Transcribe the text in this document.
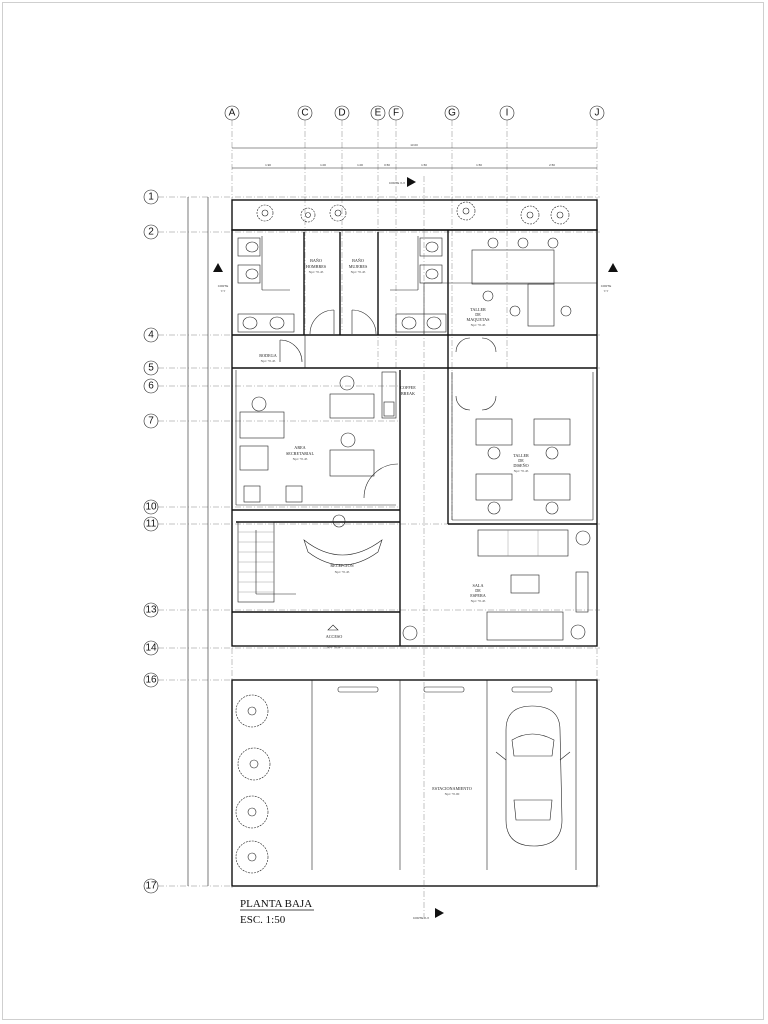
A	C	D	E F	G	I	J
1
2
4
5
6
7
10
11
13
14
16
17
13.00
1.90	1.00	1.00	0.50	1.50	1.50	2.50
BAÑO
HOMBRES
Npt: +0.45
BAÑO
MUJERES
Npt: +0.45
BODEGA
Npt: +0.45
TALLER
DE
MAQUETAS
Npt: +0.45
AREA
SECRETARIAL
Npt: +0.45
COFFEE
BREAK
TALLER
DE
DISEÑO
Npt: +0.45
RECEPCION
Npt: +0.45
SALA
DE
ESPERA
Npt: +0.45
ACCESO
Npt: +0.45
ESTACIONAMIENTO
Npt: +0.00
CORTE X-X
CORTE X-X
CORTE
Y-Y
CORTE
Y-Y
PLANTA BAJA
ESC. 1:50
